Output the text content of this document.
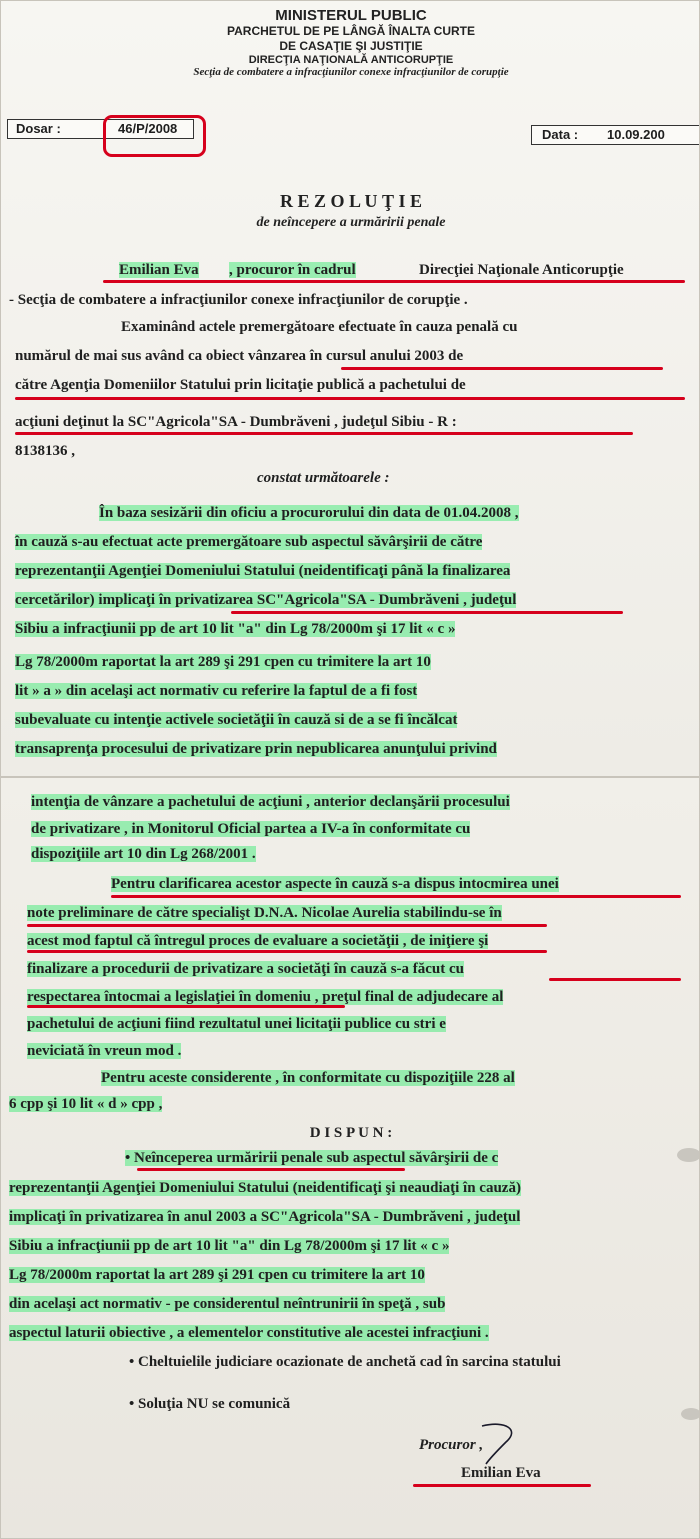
MINISTERUL PUBLIC
PARCHETUL DE PE LÂNGĂ ÎNALTA CURTE
DE CASAŢIE ŞI JUSTIŢIE
DIRECŢIA NAŢIONALĂ ANTICORUPŢIE
Secţia de combatere a infracţiunilor conexe infracţiunilor de corupţie
Dosar :	46/P/2008	Data : 10.09.200
R E Z O L U Ţ I E
de neîncepere a urmăririi penale
Emilian Eva , procuror în cadrul	Direcţiei Naţionale Anticorupţie
- Secţia de combatere a infracţiunilor conexe infracţiunilor de corupţie .
Examinând actele premergătoare efectuate în cauza penală cu
numărul de mai sus având ca obiect vânzarea în cursul anului 2003 de
către Agenţia Domeniilor Statului prin licitaţie publică a pachetului de
acţiuni deţinut la SC"Agricola"SA - Dumbrăveni , judeţul Sibiu - R :
8138136 ,
constat următoarele :
În baza sesizării din oficiu a procurorului din data de 01.04.2008 ,
în cauză s-au efectuat acte premergătoare sub aspectul săvârşirii de către
reprezentanţii Agenţiei Domeniului Statului (neidentificaţi până la finalizarea
cercetărilor) implicaţi în privatizarea SC"Agricola"SA - Dumbrăveni , judeţul
Sibiu a infracţiunii pp de art 10 lit "a" din Lg 78/2000m şi 17 lit « c »
Lg 78/2000m raportat la art 289 şi 291 cpen cu trimitere la art 10
lit » a » din acelaşi act normativ cu referire la faptul de a fi fost
subevaluate cu intenţie activele societăţii în cauză si de a se fi încălcat
transaprenţa procesului de privatizare prin nepublicarea anunţului privind
intenţia de vânzare a pachetului de acţiuni , anterior declanşării procesului
de privatizare , in Monitorul Oficial partea a IV-a în conformitate cu
dispoziţiile art 10 din Lg 268/2001 .
Pentru clarificarea acestor aspecte în cauză s-a dispus intocmirea unei
note preliminare de către specialişt D.N.A. Nicolae Aurelia stabilindu-se în
acest mod faptul că întregul proces de evaluare a societăţii , de iniţiere şi
finalizare a procedurii de privatizare a societăţi în cauză s-a făcut cu
respectarea întocmai a legislaţiei în domeniu , preţul final de adjudecare al
pachetului de acţiuni fiind rezultatul unei licitaţii publice cu stri e
neviciată în vreun mod .
Pentru aceste considerente , în conformitate cu dispoziţiile 228 al
6 cpp şi 10 lit « d » cpp ,
D I S P U N :
• Neînceperea urmăririi penale sub aspectul săvârşirii de c
reprezentanţii Agenţiei Domeniului Statului (neidentificaţi şi neaudiaţi în cauză)
implicaţi în privatizarea în anul 2003 a SC"Agricola"SA - Dumbrăveni , judeţul
Sibiu a infracţiunii pp de art 10 lit "a" din Lg 78/2000m şi 17 lit « c »
Lg 78/2000m raportat la art 289 şi 291 cpen cu trimitere la art 10
din acelaşi act normativ - pe considerentul neîntrunirii în speţă , sub
aspectul laturii obiective , a elementelor constitutive ale acestei infracţiuni .
• Cheltuielile judiciare ocazionate de anchetă cad în sarcina statului
• Soluţia NU se comunică
Procuror ,
Emilian Eva
